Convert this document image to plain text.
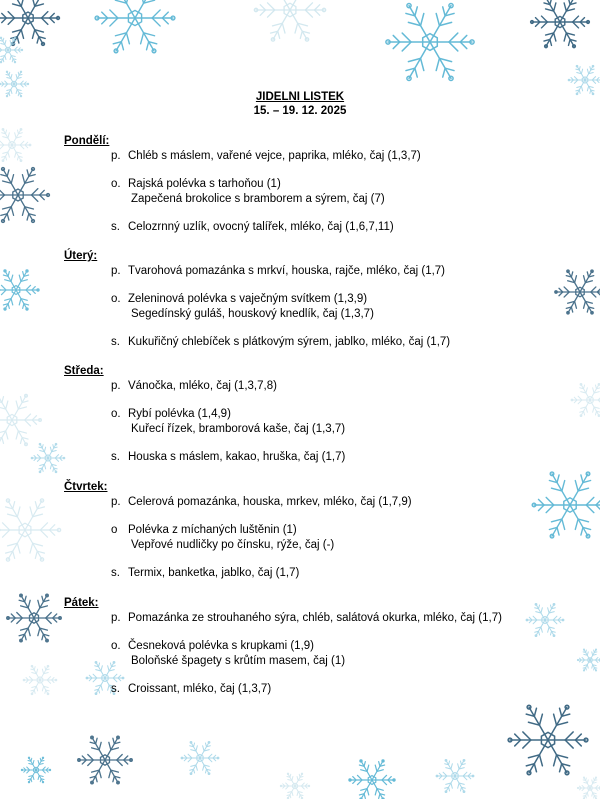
JIDELNI LISTEK
15. – 19. 12. 2025
Pondělí:
p. Chléb s máslem, vařené vejce, paprika, mléko, čaj (1,3,7)
o. Rajská polévka s tarhoňou (1)
Zapečená brokolice s bramborem a sýrem, čaj (7)
s. Celozrnný uzlík, ovocný talířek, mléko, čaj (1,6,7,11)
Úterý:
p. Tvarohová pomazánka s mrkví, houska, rajče, mléko, čaj (1,7)
o. Zeleninová polévka s vaječným svítkem (1,3,9)
Segedínský guláš, houskový knedlík, čaj (1,3,7)
s. Kukuřičný chlebíček s plátkovým sýrem, jablko, mléko, čaj (1,7)
Středa:
p. Vánočka, mléko, čaj (1,3,7,8)
o. Rybí polévka (1,4,9)
Kuřecí řízek, bramborová kaše, čaj (1,3,7)
s. Houska s máslem, kakao, hruška, čaj (1,7)
Čtvrtek:
p. Celerová pomazánka, houska, mrkev, mléko, čaj (1,7,9)
o Polévka z míchaných luštěnin (1)
Vepřové nudličky po čínsku, rýže, čaj (-)
s. Termix, banketka, jablko, čaj (1,7)
Pátek:
p. Pomazánka ze strouhaného sýra, chléb, salátová okurka, mléko, čaj (1,7)
o. Česneková polévka s krupkami (1,9)
Boloňské špagety s krůtím masem, čaj (1)
s. Croissant, mléko, čaj (1,3,7)
